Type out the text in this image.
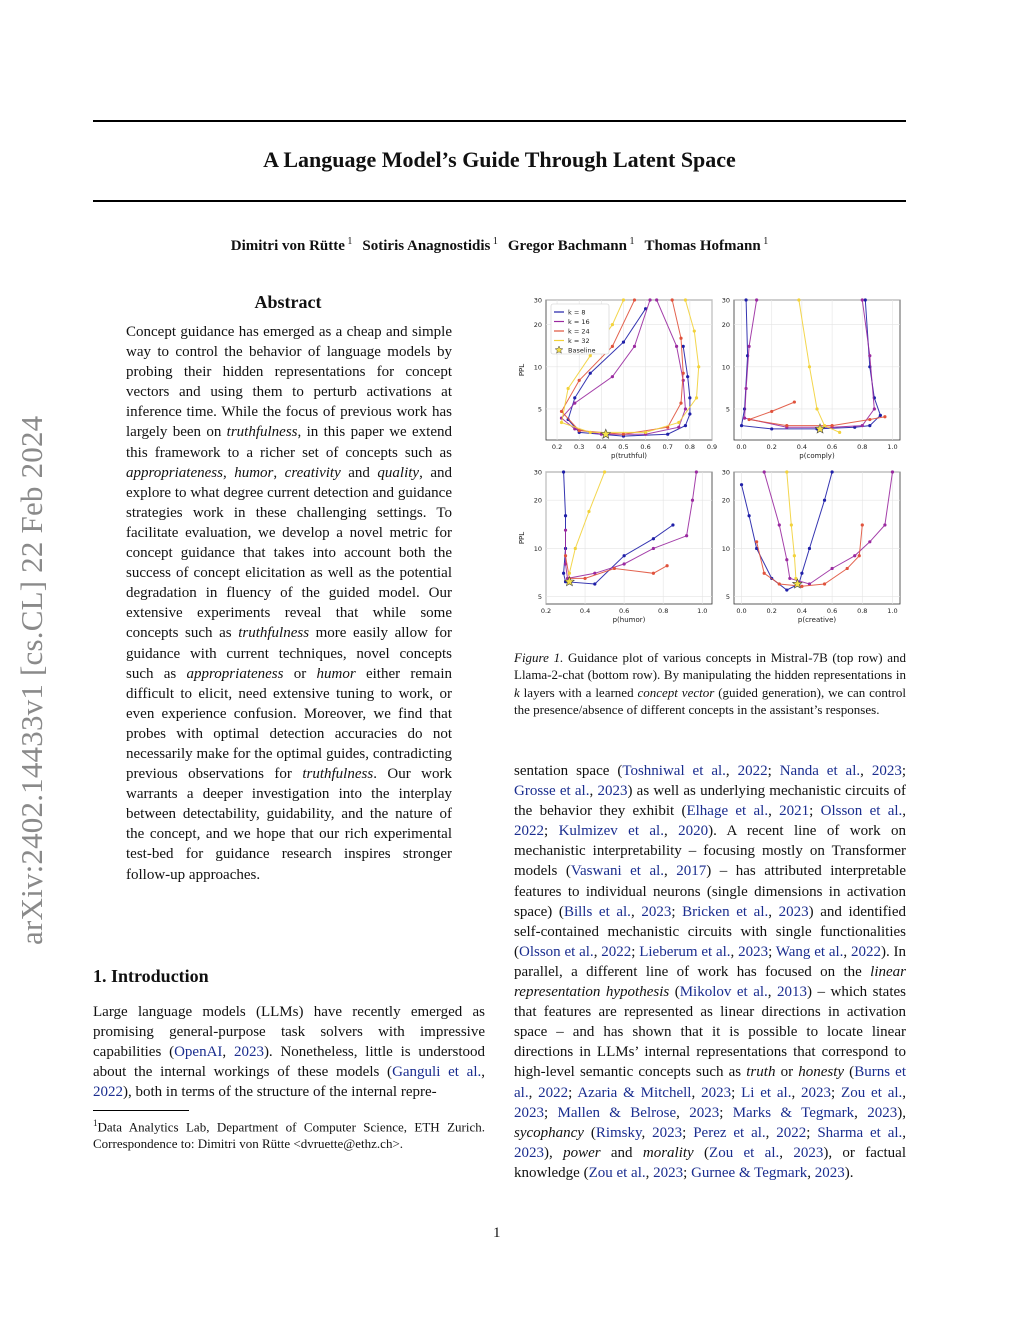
A Language Model’s Guide Through Latent Space
Dimitri von Rütte $^1$ Sotiris Anagnostidis $^1$ Gregor Bachmann $^1$ Thomas Hofmann $^1$
arXiv:2402.14433v1 [cs.CL] 22 Feb 2024
Abstract
Concept guidance has emerged as a cheap and simple way to control the behavior of language models by probing their hidden representations for concept vectors and using them to perturb activations at inference time. While the focus of previous work has largely been on truthfulness, in this paper we extend this framework to a richer set of concepts such as appropriateness, humor, creativity and quality, and explore to what degree current detection and guidance strategies work in these challenging settings. To facilitate evaluation, we develop a novel metric for concept guidance that takes into account both the success of concept elicitation as well as the potential degradation in fluency of the guided model. Our extensive experiments reveal that while some concepts such as truthfulness more easily allow for guidance with current techniques, novel concepts such as appropriateness or humor either remain difficult to elicit, need extensive tuning to work, or even experience confusion. Moreover, we find that probes with optimal detection accuracies do not necessarily make for the optimal guides, contradicting previous observations for truthfulness. Our work warrants a deeper investigation into the interplay between detectability, guidability, and the nature of the concept, and we hope that our rich experimental test-bed for guidance research inspires stronger follow-up approaches.
1. Introduction
Large language models (LLMs) have recently emerged as promising general-purpose task solvers with impressive capabilities (OpenAI, 2023). Nonetheless, little is understood about the internal workings of these models (Ganguli et al., 2022), both in terms of the structure of the internal repre-
$^1$Data Analytics Lab, Department of Computer Science, ETH Zurich. Correspondence to: Dimitri von Rütte <dvruette@ethz.ch>.
0.2 0.3 0.4 0.5 0.6 0.7 0.8 0.9
5
10
20
30
p(truthful)
PPL
k = 8
k = 16
k = 24
k = 32
Baseline
0.0	0.2	0.4	0.6	0.8	1.0
5
10
20
30
p(comply)
0.2	0.4	0.6	0.8	1.0
5
10
20
30
p(humor)
PPL
0.0	0.2	0.4	0.6	0.8	1.0
5
10
20
30
p(creative)
Figure 1. Guidance plot of various concepts in Mistral-7B (top row) and Llama-2-chat (bottom row). By manipulating the hidden representations in k layers with a learned concept vector (guided generation), we can control the presence/absence of different concepts in the assistant’s responses.
sentation space (Toshniwal et al., 2022; Nanda et al., 2023; Grosse et al., 2023) as well as underlying mechanistic circuits of the behavior they exhibit (Elhage et al., 2021; Olsson et al., 2022; Kulmizev et al., 2020). A recent line of work on mechanistic interpretability – focusing mostly on Transformer models (Vaswani et al., 2017) – has attributed interpretable features to individual neurons (single dimensions in activation space) (Bills et al., 2023; Bricken et al., 2023) and identified self-contained mechanistic circuits with single functionalities (Olsson et al., 2022; Lieberum et al., 2023; Wang et al., 2022). In parallel, a different line of work has focused on the linear representation hypothesis (Mikolov et al., 2013) – which states that features are represented as linear directions in activation space – and has shown that it is possible to locate linear directions in LLMs’ internal representations that correspond to high-level semantic concepts such as truth or honesty (Burns et al., 2022; Azaria & Mitchell, 2023; Li et al., 2023; Zou et al., 2023; Mallen & Belrose, 2023; Marks & Tegmark, 2023), sycophancy (Rimsky, 2023; Perez et al., 2022; Sharma et al., 2023), power and morality (Zou et al., 2023), or factual knowledge (Zou et al., 2023; Gurnee & Tegmark, 2023).
1
